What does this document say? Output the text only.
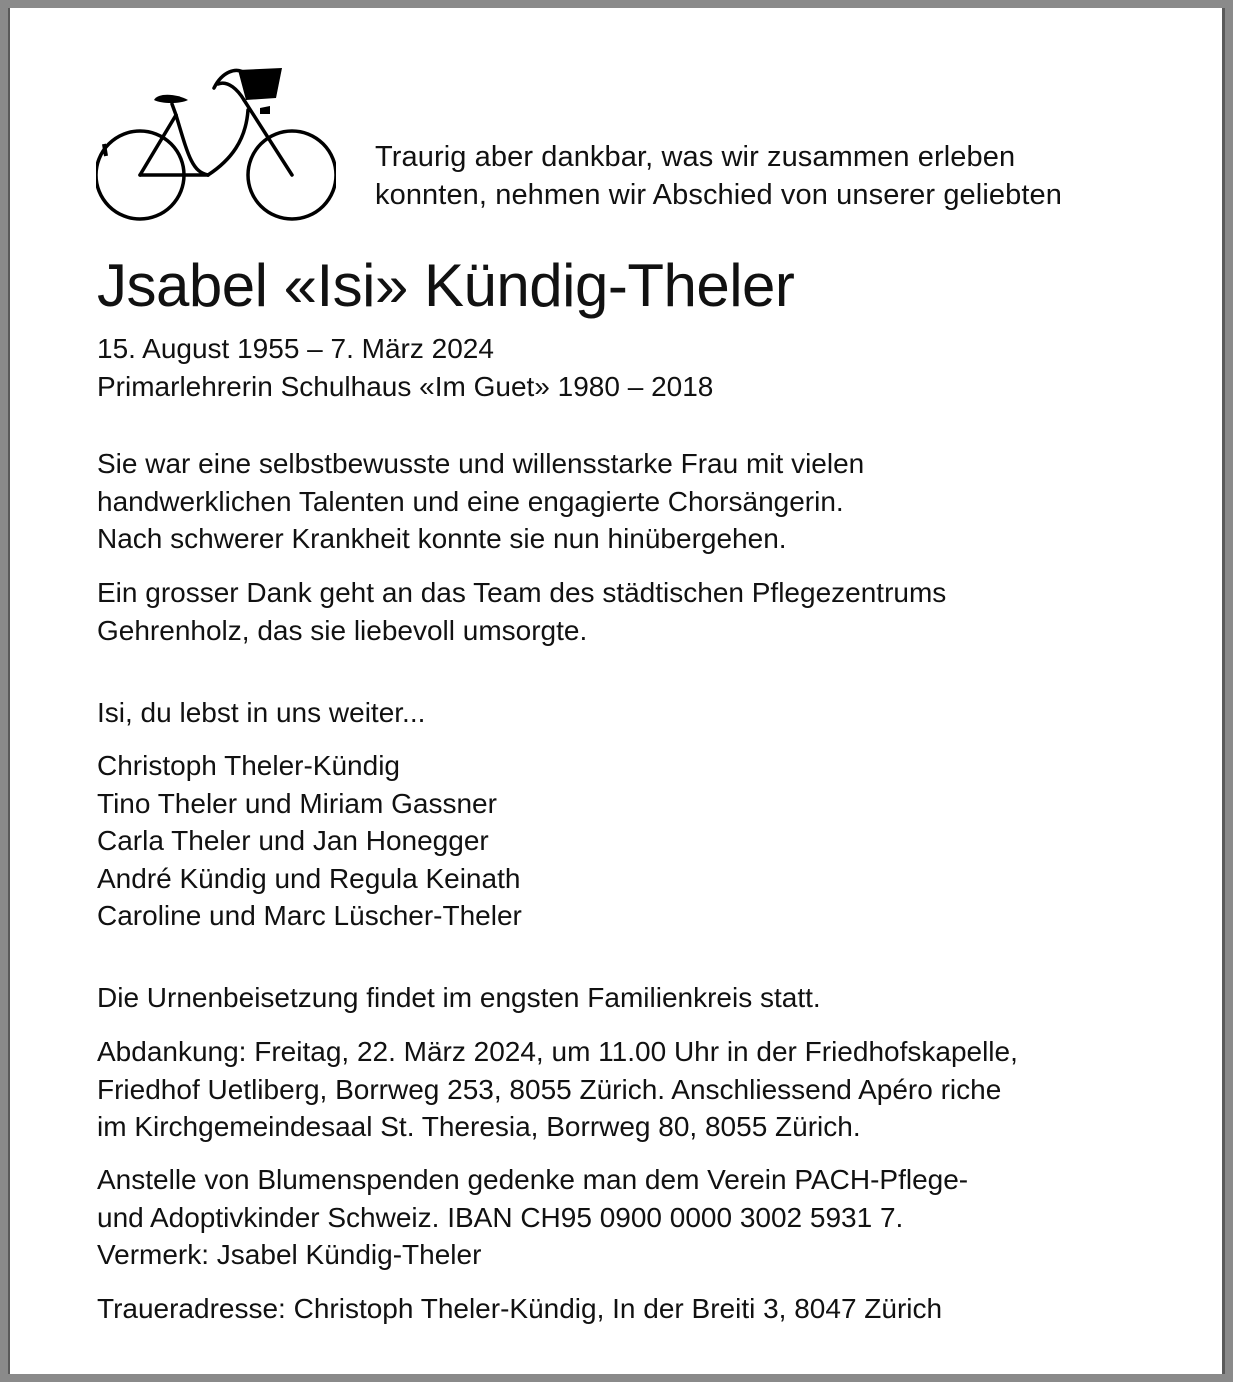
Traurig aber dankbar, was wir zusammen erleben
konnten, nehmen wir Abschied von unserer geliebten
Jsabel «Isi» Kündig-Theler
15. August 1955 – 7. März 2024
Primarlehrerin Schulhaus «Im Guet» 1980 – 2018
Sie war eine selbstbewusste und willensstarke Frau mit vielen
handwerklichen Talenten und eine engagierte Chorsängerin.
Nach schwerer Krankheit konnte sie nun hinübergehen.
Ein grosser Dank geht an das Team des städtischen Pflegezentrums
Gehrenholz, das sie liebevoll umsorgte.
Isi, du lebst in uns weiter...
Christoph Theler-Kündig
Tino Theler und Miriam Gassner
Carla Theler und Jan Honegger
André Kündig und Regula Keinath
Caroline und Marc Lüscher-Theler
Die Urnenbeisetzung findet im engsten Familienkreis statt.
Abdankung: Freitag, 22. März 2024, um 11.00 Uhr in der Friedhofskapelle,
Friedhof Uetliberg, Borrweg 253, 8055 Zürich. Anschliessend Apéro riche
im Kirchgemeindesaal St. Theresia, Borrweg 80, 8055 Zürich.
Anstelle von Blumenspenden gedenke man dem Verein PACH-Pflege-
und Adoptivkinder Schweiz. IBAN CH95 0900 0000 3002 5931 7.
Vermerk: Jsabel Kündig-Theler
Traueradresse: Christoph Theler-Kündig, In der Breiti 3, 8047 Zürich
